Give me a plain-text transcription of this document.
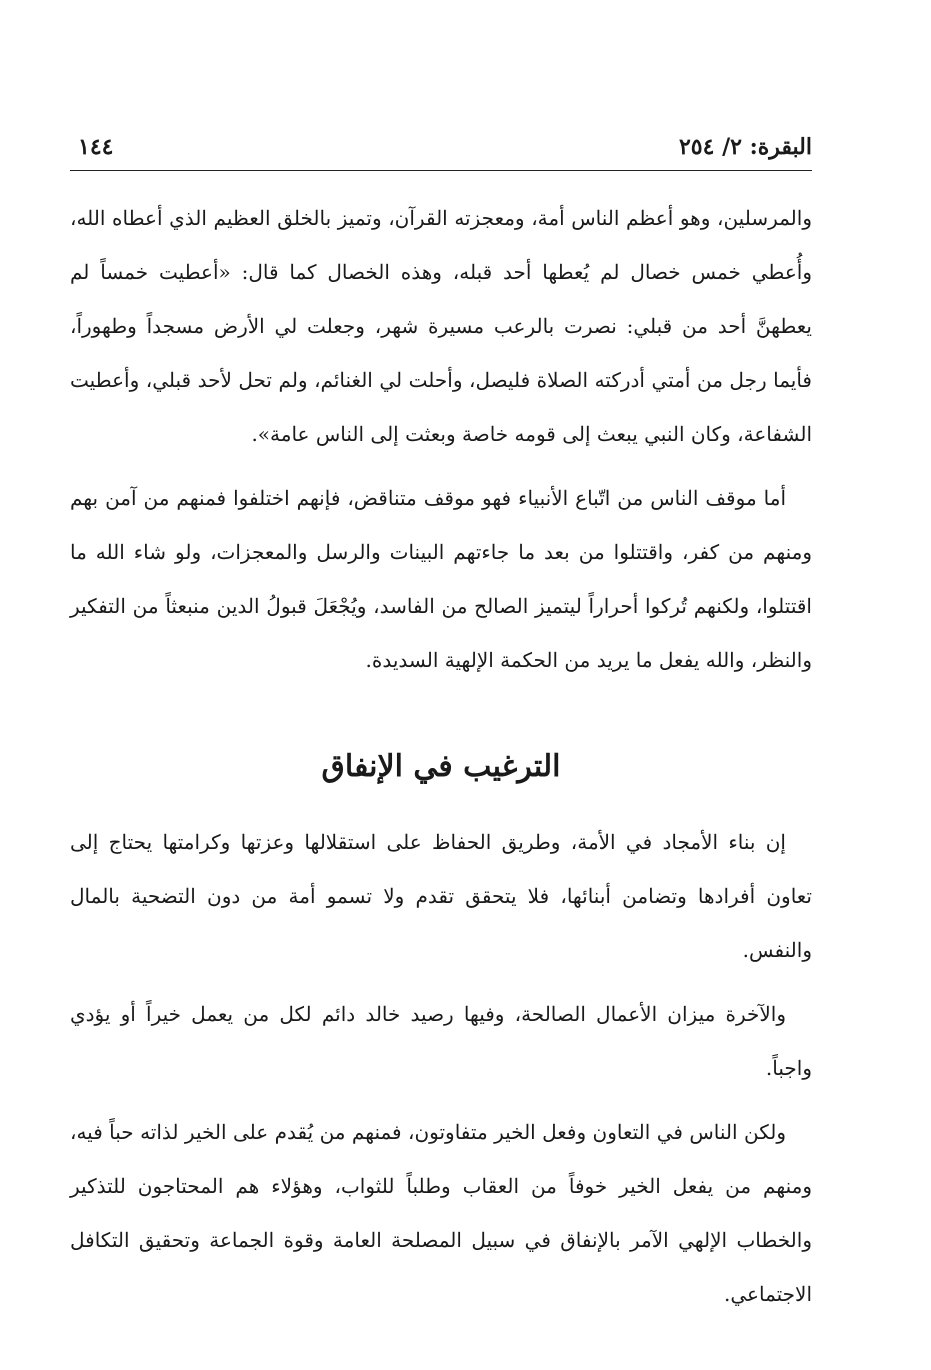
البقرة: ٢/ ٢٥٤
١٤٤

والمرسلين، وهو أعظم الناس أمة، ومعجزته القرآن، وتميز بالخلق العظيم الذي أعطاه الله، وأُعطي خمس خصال لم يُعطها أحد قبله، وهذه الخصال كما قال: «أعطيت خمساً لم يعطهنَّ أحد من قبلي: نصرت بالرعب مسيرة شهر، وجعلت لي الأرض مسجداً وطهوراً، فأيما رجل من أمتي أدركته الصلاة فليصل، وأحلت لي الغنائم، ولم تحل لأحد قبلي، وأعطيت الشفاعة، وكان النبي يبعث إلى قومه خاصة وبعثت إلى الناس عامة».

أما موقف الناس من اتّباع الأنبياء فهو موقف متناقض، فإنهم اختلفوا فمنهم من آمن بهم ومنهم من كفر، واقتتلوا من بعد ما جاءتهم البينات والرسل والمعجزات، ولو شاء الله ما اقتتلوا، ولكنهم تُركوا أحراراً ليتميز الصالح من الفاسد، ويُجْعَلَ قبولُ الدين منبعثاً من التفكير والنظر، والله يفعل ما يريد من الحكمة الإلهية السديدة.

الترغيب في الإنفاق

إن بناء الأمجاد في الأمة، وطريق الحفاظ على استقلالها وعزتها وكرامتها يحتاج إلى تعاون أفرادها وتضامن أبنائها، فلا يتحقق تقدم ولا تسمو أمة من دون التضحية بالمال والنفس.

والآخرة ميزان الأعمال الصالحة، وفيها رصيد خالد دائم لكل من يعمل خيراً أو يؤدي واجباً.

ولكن الناس في التعاون وفعل الخير متفاوتون، فمنهم من يُقدم على الخير لذاته حباً فيه، ومنهم من يفعل الخير خوفاً من العقاب وطلباً للثواب، وهؤلاء هم المحتاجون للتذكير والخطاب الإلهي الآمر بالإنفاق في سبيل المصلحة العامة وقوة الجماعة وتحقيق التكافل الاجتماعي.
